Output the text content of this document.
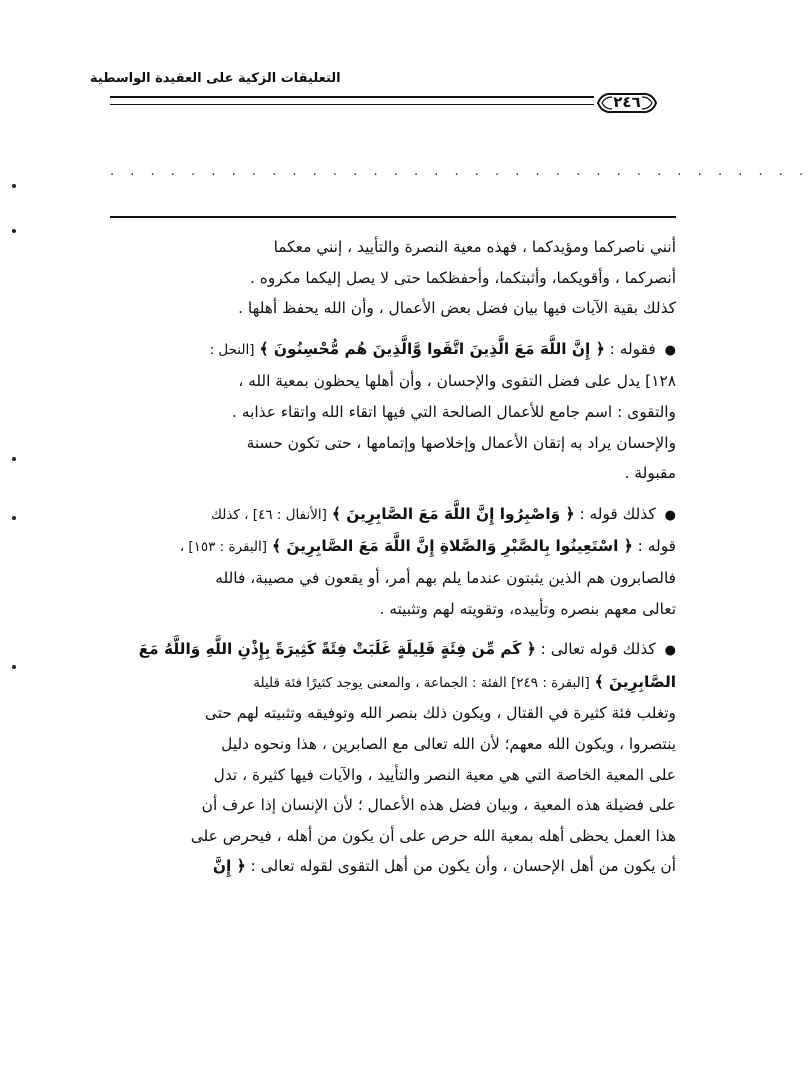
التعليقات الزكية على العقيدة الواسطية
٢٤٦
. . . . . . . . . . . . . . . . . . . . . . . . . . . . . . . . . . .
أنني ناصركما ومؤيدكما ، فهذه معية النصرة والتأييد ، إنني معكما
أنصركما ، وأقويكما، وأثبتكما، وأحفظكما حتى لا يصل إليكما مكروه .
كذلك بقية الآيات فيها بيان فضل بعض الأعمال ، وأن الله يحفظ أهلها .
● فقوله : ﴿ إِنَّ اللَّهَ مَعَ الَّذِينَ اتَّقَوا وَّالَّذِينَ هُم مُّحْسِنُونَ ﴾ [النحل :
١٢٨] يدل على فضل التقوى والإحسان ، وأن أهلها يحظون بمعية الله ،
والتقوى : اسم جامع للأعمال الصالحة التي فيها اتقاء الله واتقاء عذابه .
والإحسان يراد به إتقان الأعمال وإخلاصها وإتمامها ، حتى تكون حسنة
مقبولة .
● كذلك قوله : ﴿ وَاصْبِرُوا إِنَّ اللَّهَ مَعَ الصَّابِرِينَ ﴾ [الأنفال : ٤٦] ، كذلك
قوله : ﴿ اسْتَعِينُوا بِالصَّبْرِ وَالصَّلاةِ إِنَّ اللَّهَ مَعَ الصَّابِرِينَ ﴾ [البقرة : ١٥٣] ،
فالصابرون هم الذين يثبتون عندما يلم بهم أمر، أو يقعون في مصيبة، فالله
تعالى معهم بنصره وتأييده، وتقويته لهم وتثبيته .
● كذلك قوله تعالى : ﴿ كَم مِّن فِئَةٍ قَلِيلَةٍ غَلَبَتْ فِئَةً كَثِيرَةً بِإِذْنِ اللَّهِ وَاللَّهُ مَعَ
الصَّابِرِينَ ﴾ [البقرة : ٢٤٩] الفئة : الجماعة ، والمعنى يوجد كثيرًا فئة قليلة
وتغلب فئة كثيرة في القتال ، ويكون ذلك بنصر الله وتوفيقه وتثبيته لهم حتى
ينتصروا ، ويكون الله معهم؛ لأن الله تعالى مع الصابرين ، هذا ونحوه دليل
على المعية الخاصة التي هي معية النصر والتأييد ، والآيات فيها كثيرة ، تدل
على فضيلة هذه المعية ، وبيان فضل هذه الأعمال ؛ لأن الإنسان إذا عرف أن
هذا العمل يحظى أهله بمعية الله حرص على أن يكون من أهله ، فيحرص على
أن يكون من أهل الإحسان ، وأن يكون من أهل التقوى لقوله تعالى : ﴿ إِنَّ
